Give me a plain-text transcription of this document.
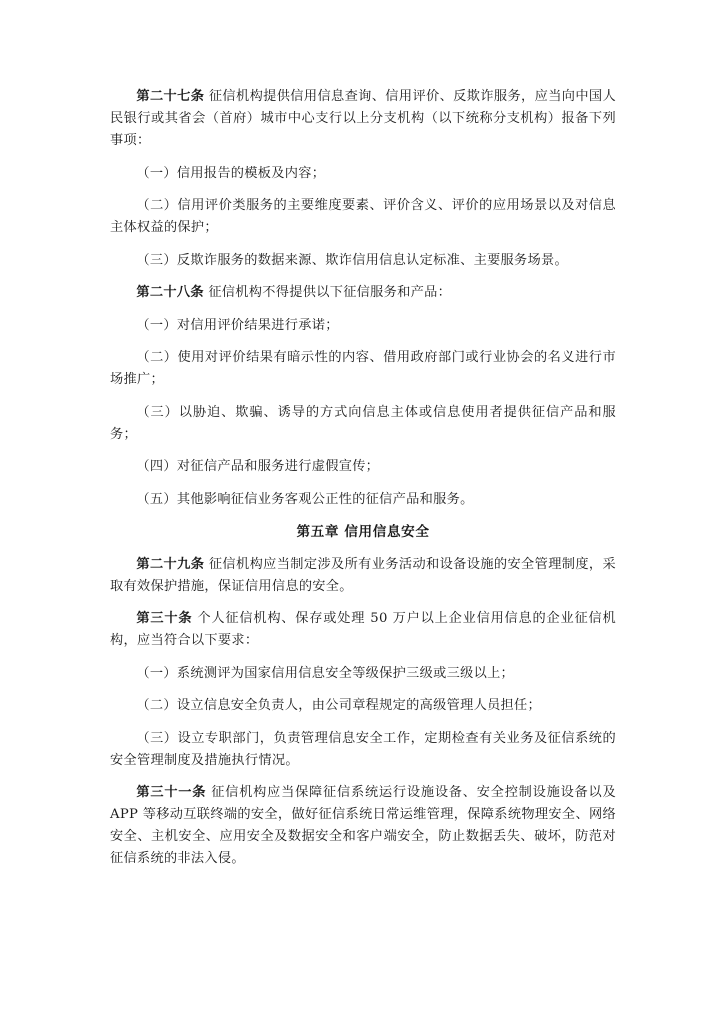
第二十七条 征信机构提供信用信息查询、信用评价、反欺诈服务，应当向中国人民银行或其省会（首府）城市中心支行以上分支机构（以下统称分支机构）报备下列事项：

（一）信用报告的模板及内容；

（二）信用评价类服务的主要维度要素、评价含义、评价的应用场景以及对信息主体权益的保护；

（三）反欺诈服务的数据来源、欺诈信用信息认定标准、主要服务场景。

第二十八条 征信机构不得提供以下征信服务和产品：

（一）对信用评价结果进行承诺；

（二）使用对评价结果有暗示性的内容、借用政府部门或行业协会的名义进行市场推广；

（三）以胁迫、欺骗、诱导的方式向信息主体或信息使用者提供征信产品和服务；

（四）对征信产品和服务进行虚假宣传；

（五）其他影响征信业务客观公正性的征信产品和服务。

第五章 信用信息安全

第二十九条 征信机构应当制定涉及所有业务活动和设备设施的安全管理制度，采取有效保护措施，保证信用信息的安全。

第三十条 个人征信机构、保存或处理 50 万户以上企业信用信息的企业征信机构，应当符合以下要求：

（一）系统测评为国家信用信息安全等级保护三级或三级以上；

（二）设立信息安全负责人，由公司章程规定的高级管理人员担任；

（三）设立专职部门，负责管理信息安全工作，定期检查有关业务及征信系统的安全管理制度及措施执行情况。

第三十一条 征信机构应当保障征信系统运行设施设备、安全控制设施设备以及 APP 等移动互联终端的安全，做好征信系统日常运维管理，保障系统物理安全、网络安全、主机安全、应用安全及数据安全和客户端安全，防止数据丢失、破坏，防范对征信系统的非法入侵。
